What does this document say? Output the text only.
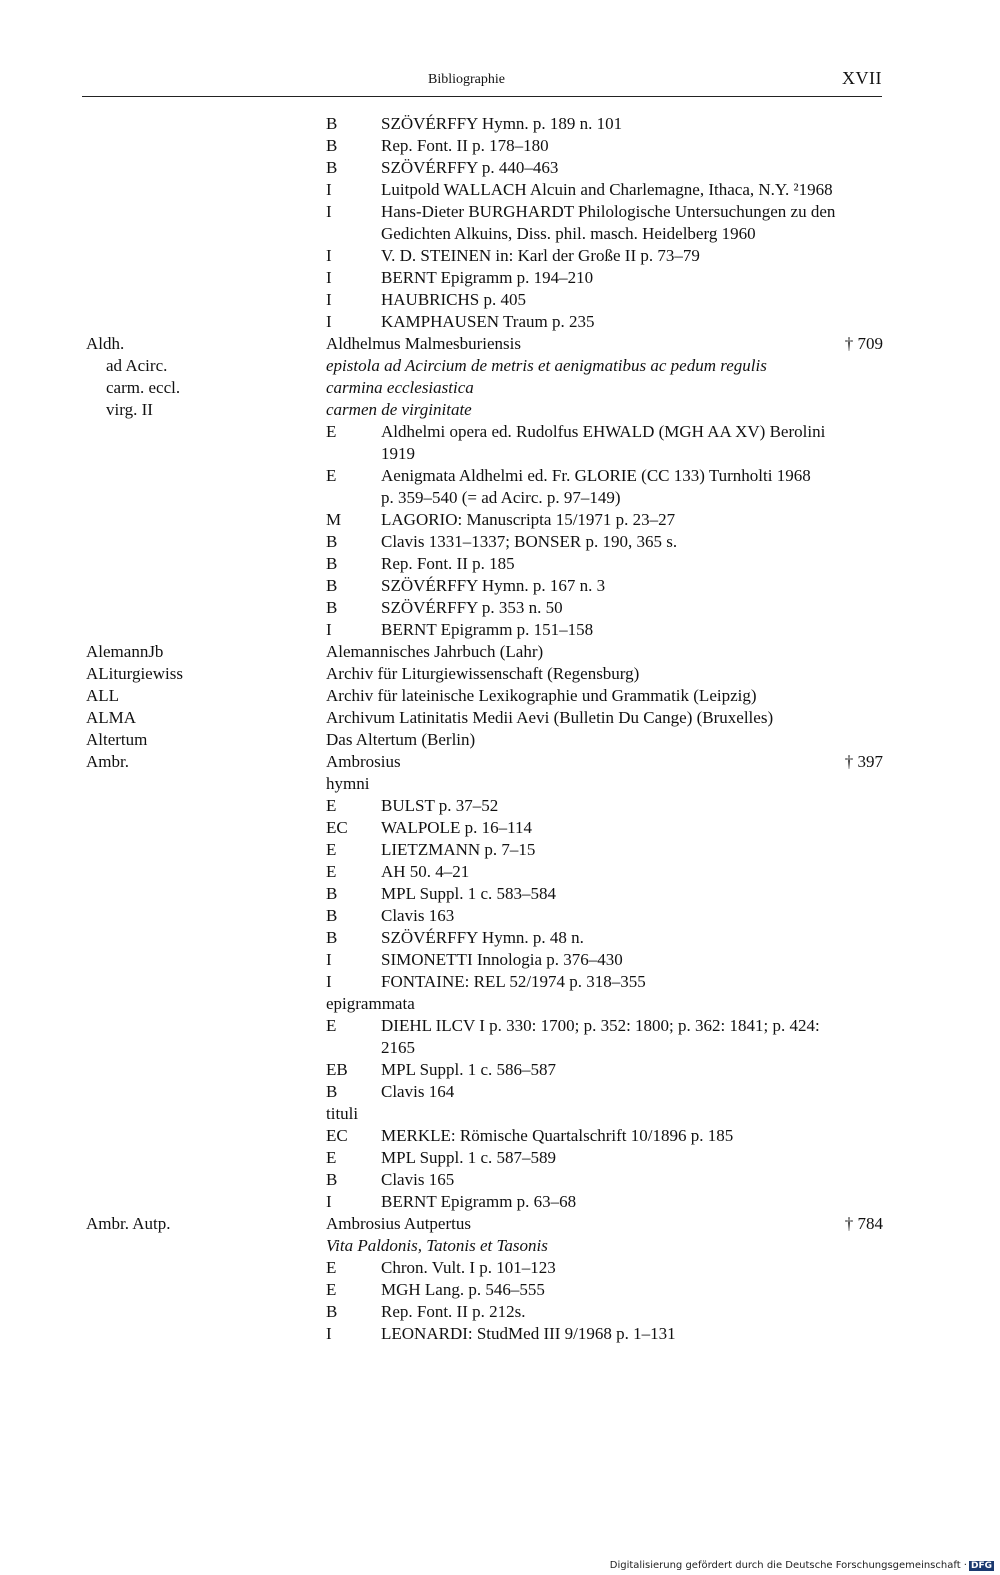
Bibliographie	XVII
B	SZÖVÉRFFY Hymn. p. 189 n. 101
B	Rep. Font. II p. 178–180
B	SZÖVÉRFFY p. 440–463
I	Luitpold WALLACH Alcuin and Charlemagne, Ithaca, N.Y. ²1968
I	Hans-Dieter BURGHARDT Philologische Untersuchungen zu den
Gedichten Alkuins, Diss. phil. masch. Heidelberg 1960
I	V. D. STEINEN in: Karl der Große II p. 73–79
I	BERNT Epigramm p. 194–210
I	HAUBRICHS p. 405
I	KAMPHAUSEN Traum p. 235
Aldh.	Aldhelmus Malmesburiensis	† 709
ad Acirc.	epistola ad Acircium de metris et aenigmatibus ac pedum regulis
carm. eccl.	carmina ecclesiastica
virg. II	carmen de virginitate
E	Aldhelmi opera ed. Rudolfus EHWALD (MGH AA XV) Berolini
1919
E	Aenigmata Aldhelmi ed. Fr. GLORIE (CC 133) Turnholti 1968
p. 359–540 (= ad Acirc. p. 97–149)
M LAGORIO: Manuscripta 15/1971 p. 23–27
B	Clavis 1331–1337; BONSER p. 190, 365 s.
B	Rep. Font. II p. 185
B	SZÖVÉRFFY Hymn. p. 167 n. 3
B	SZÖVÉRFFY p. 353 n. 50
I	BERNT Epigramm p. 151–158
AlemannJb	Alemannisches Jahrbuch (Lahr)
ALiturgiewiss	Archiv für Liturgiewissenschaft (Regensburg)
ALL	Archiv für lateinische Lexikographie und Grammatik (Leipzig)
ALMA	Archivum Latinitatis Medii Aevi (Bulletin Du Cange) (Bruxelles)
Altertum	Das Altertum (Berlin)
Ambr.	Ambrosius	† 397
hymni
E	BULST p. 37–52
EC WALPOLE p. 16–114
E	LIETZMANN p. 7–15
E	AH 50. 4–21
B	MPL Suppl. 1 c. 583–584
B	Clavis 163
B	SZÖVÉRFFY Hymn. p. 48 n.
I	SIMONETTI Innologia p. 376–430
I	FONTAINE: REL 52/1974 p. 318–355
epigrammata
E	DIEHL ILCV I p. 330: 1700; p. 352: 1800; p. 362: 1841; p. 424:
2165
EB MPL Suppl. 1 c. 586–587
B	Clavis 164
tituli
EC MERKLE: Römische Quartalschrift 10/1896 p. 185
E	MPL Suppl. 1 c. 587–589
B	Clavis 165
I	BERNT Epigramm p. 63–68
Ambr. Autp.	Ambrosius Autpertus	† 784
Vita Paldonis, Tatonis et Tasonis
E	Chron. Vult. I p. 101–123
E	MGH Lang. p. 546–555
B	Rep. Font. II p. 212s.
I	LEONARDI: StudMed III 9/1968 p. 1–131
Digitalisierung gefördert durch die Deutsche Forschungsgemeinschaft · DFG
